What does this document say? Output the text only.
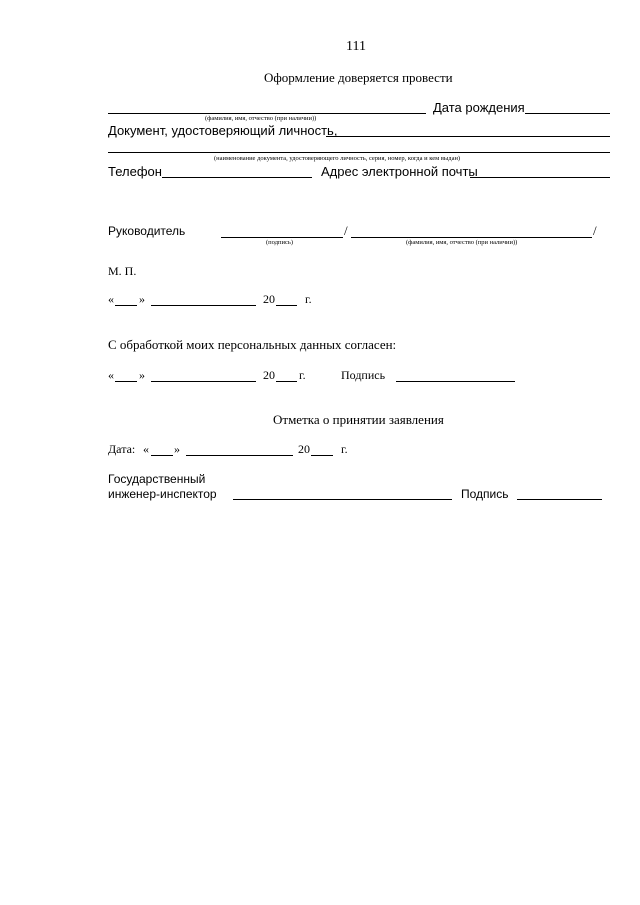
111
Оформление доверяется провести
Дата рождения
(фамилия, имя, отчество (при наличии))
Документ, удостоверяющий личность,
(наименование документа, удостоверяющего личность, серия, номер, когда и кем выдан)
Телефон	Адрес электронной почты
Руководитель	/	/
(подпись)	(фамилия, имя, отчество (при наличии))
М. П.
« »	20	г.
С обработкой моих персональных данных согласен:
« »	20 г.	Подпись
Отметка о принятии заявления
Дата: « »	20	г.
Государственный
инженер-инспектор	Подпись
